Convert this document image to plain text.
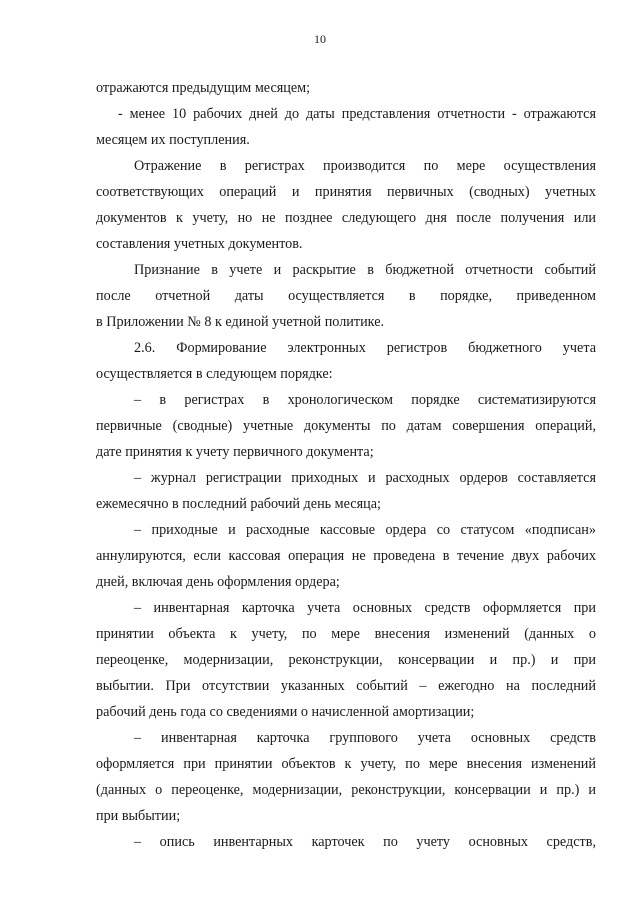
10

отражаются предыдущим месяцем;

- менее 10 рабочих дней до даты представления отчетности - отражаются

месяцем их поступления.

Отражение в регистрах производится по мере осуществления

соответствующих операций и принятия первичных (сводных) учетных

документов к учету, но не позднее следующего дня после получения или

составления учетных документов.

Признание в учете и раскрытие в бюджетной отчетности событий

после отчетной даты осуществляется в порядке, приведенном

в Приложении № 8 к единой учетной политике.

2.6. Формирование электронных регистров бюджетного учета

осуществляется в следующем порядке:

– в регистрах в хронологическом порядке систематизируются

первичные (сводные) учетные документы по датам совершения операций,

дате принятия к учету первичного документа;

– журнал регистрации приходных и расходных ордеров составляется

ежемесячно в последний рабочий день месяца;

– приходные и расходные кассовые ордера со статусом «подписан»

аннулируются, если кассовая операция не проведена в течение двух рабочих

дней, включая день оформления ордера;

– инвентарная карточка учета основных средств оформляется при

принятии объекта к учету, по мере внесения изменений (данных о

переоценке, модернизации, реконструкции, консервации и пр.) и при

выбытии. При отсутствии указанных событий – ежегодно на последний

рабочий день года со сведениями о начисленной амортизации;

– инвентарная карточка группового учета основных средств

оформляется при принятии объектов к учету, по мере внесения изменений

(данных о переоценке, модернизации, реконструкции, консервации и пр.) и

при выбытии;

– опись инвентарных карточек по учету основных средств,
